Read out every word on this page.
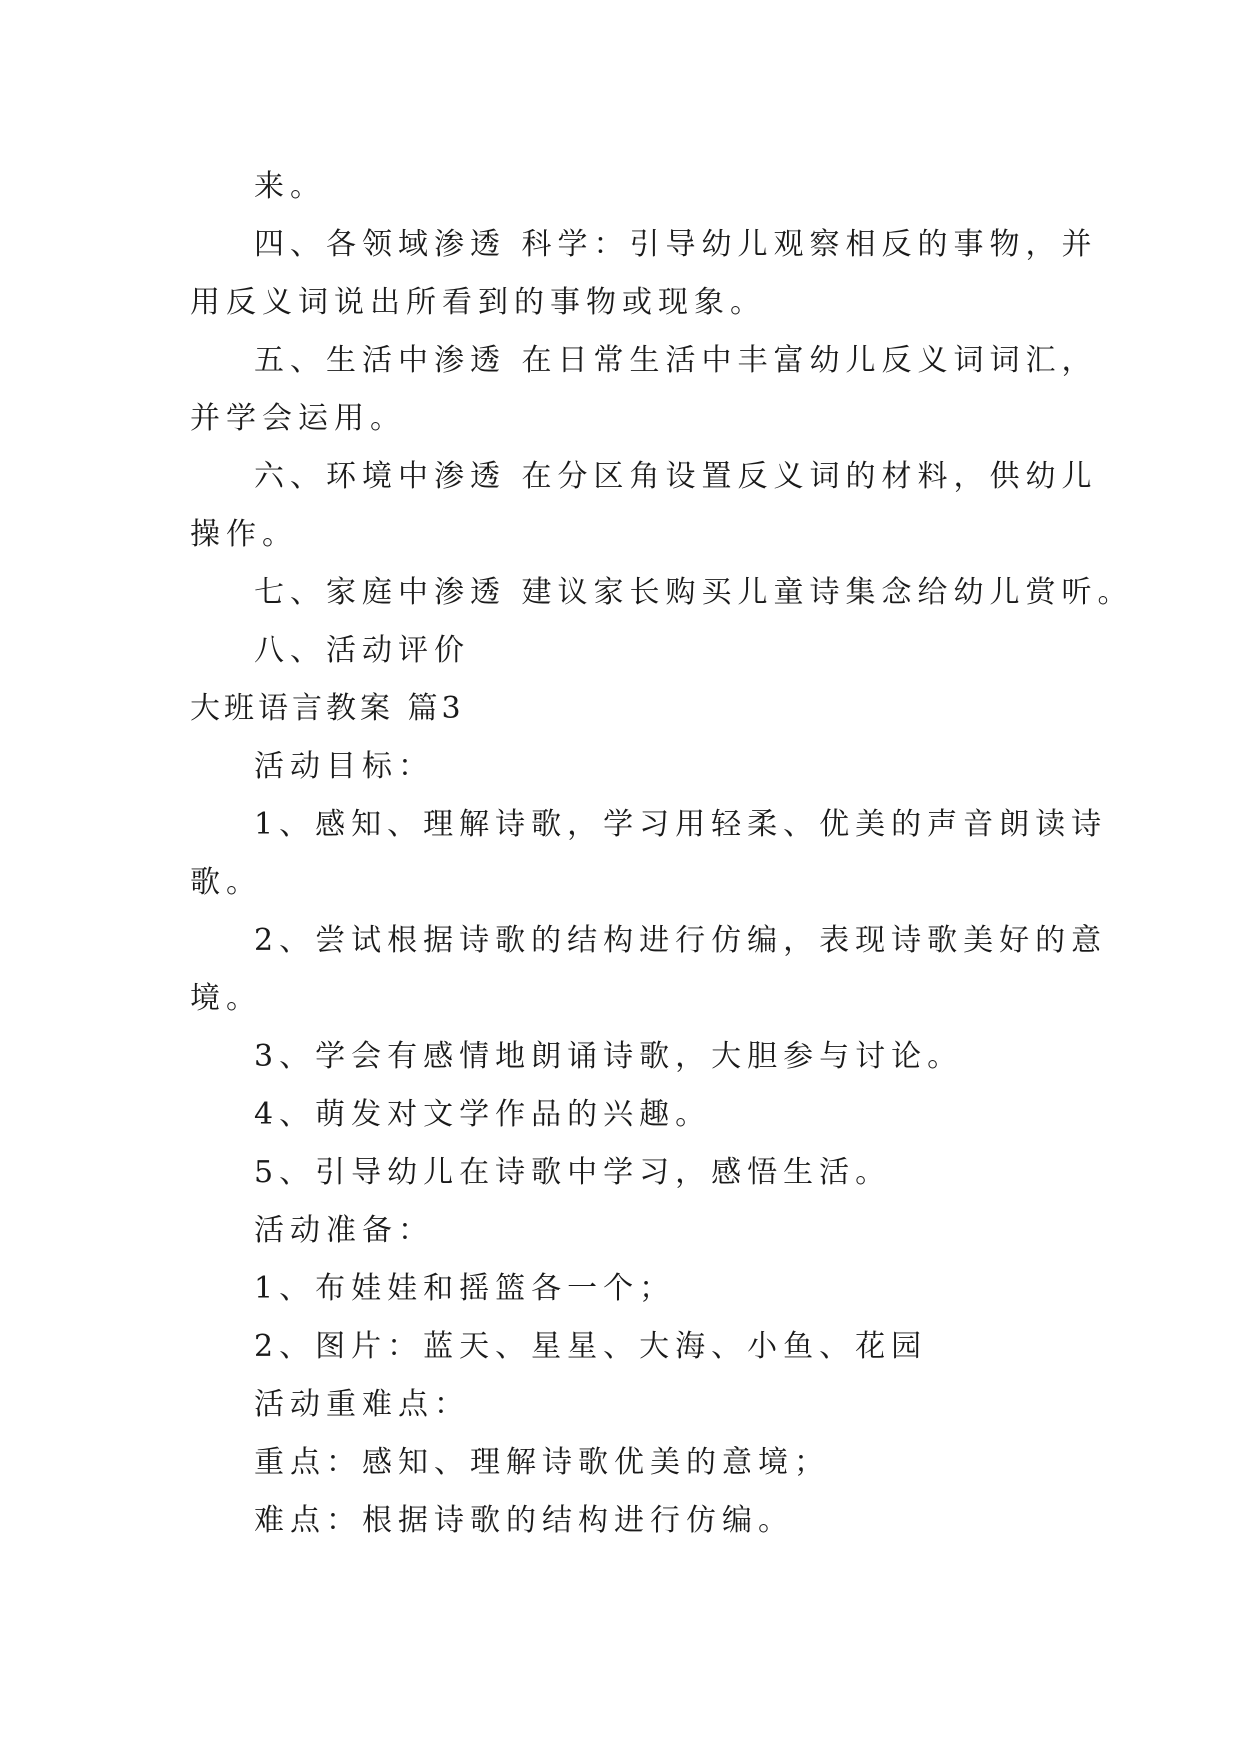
来。
四、各领域渗透 科学：引导幼儿观察相反的事物，并
用反义词说出所看到的事物或现象。
五、生活中渗透 在日常生活中丰富幼儿反义词词汇，
并学会运用。
六、环境中渗透 在分区角设置反义词的材料，供幼儿
操作。
七、家庭中渗透 建议家长购买儿童诗集念给幼儿赏听。
八、活动评价
大班语言教案 篇3
活动目标：
1、感知、理解诗歌，学习用轻柔、优美的声音朗读诗
歌。
2、尝试根据诗歌的结构进行仿编，表现诗歌美好的意
境。
3、学会有感情地朗诵诗歌，大胆参与讨论。
4、萌发对文学作品的兴趣。
5、引导幼儿在诗歌中学习，感悟生活。
活动准备：
1、布娃娃和摇篮各一个；
2、图片：蓝天、星星、大海、小鱼、花园
活动重难点：
重点：感知、理解诗歌优美的意境；
难点：根据诗歌的结构进行仿编。
